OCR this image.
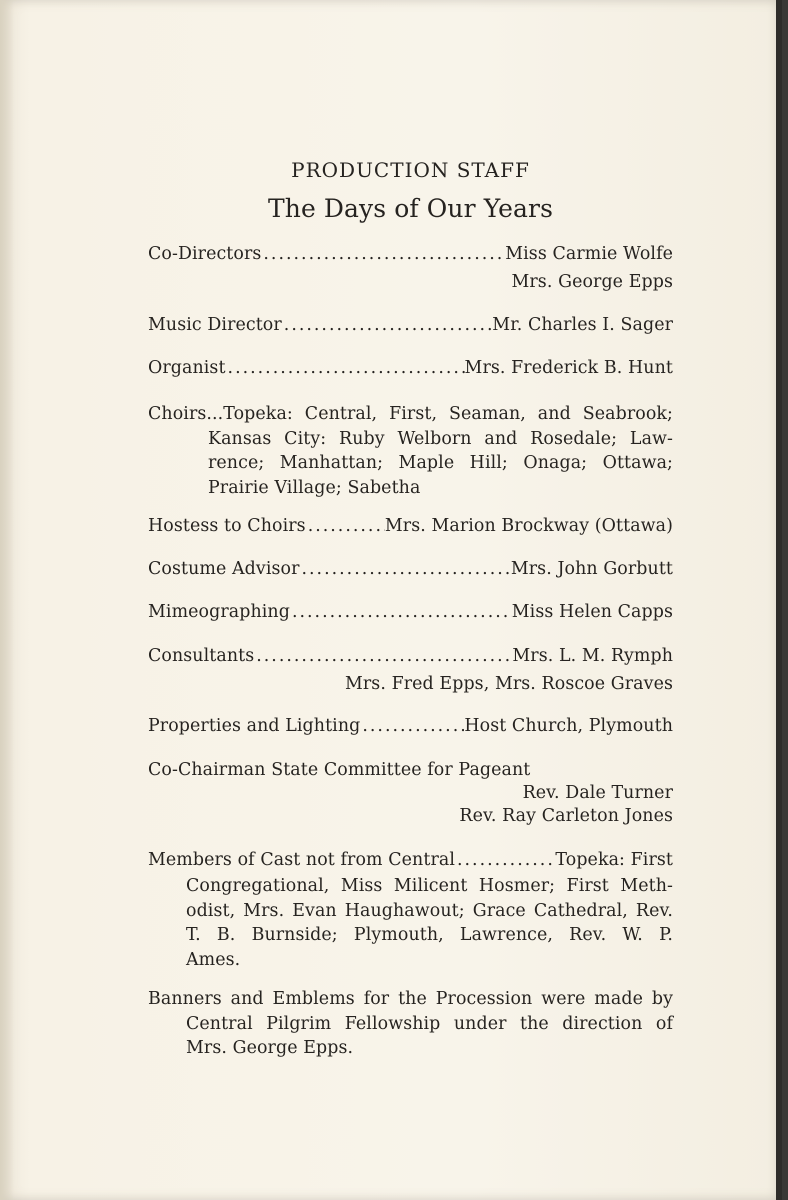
PRODUCTION STAFF
The Days of Our Years
Co-Directors .....	Miss Carmie Wolfe
Mrs. George Epps
Music Director .....	Mr. Charles I. Sager
Organist .....	Mrs. Frederick B. Hunt
Choirs...Topeka: Central, First, Seaman, and Seabrook;
Kansas City: Ruby Welborn and Rosedale; Law-
rence; Manhattan; Maple Hill; Onaga; Ottawa;
Prairie Village; Sabetha
Hostess to Choirs .....	Mrs. Marion Brockway (Ottawa)
Costume Advisor .....	Mrs. John Gorbutt
Mimeographing .....	Miss Helen Capps
Consultants .....	Mrs. L. M. Rymph
Mrs. Fred Epps, Mrs. Roscoe Graves
Properties and Lighting .....	Host Church, Plymouth
Co-Chairman State Committee for Pageant
Rev. Dale Turner
Rev. Ray Carleton Jones
Members of Cast not from Central .....	Topeka: First
Congregational, Miss Milicent Hosmer; First Meth-
odist, Mrs. Evan Haughawout; Grace Cathedral, Rev.
T. B. Burnside; Plymouth, Lawrence, Rev. W. P.
Ames.
Banners and Emblems for the Procession were made by
Central Pilgrim Fellowship under the direction of
Mrs. George Epps.
